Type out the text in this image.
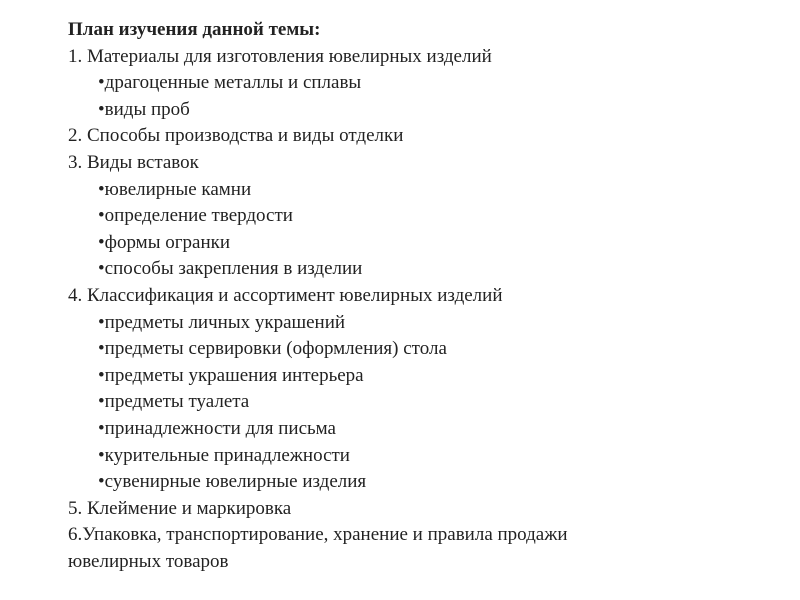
План изучения данной темы:
1. Материалы для изготовления ювелирных изделий
•драгоценные металлы и сплавы
•виды проб
2. Способы производства и виды отделки
3. Виды вставок
•ювелирные камни
•определение твердости
•формы огранки
•способы закрепления в изделии
4. Классификация и ассортимент ювелирных изделий
•предметы личных украшений
•предметы сервировки (оформления) стола
•предметы украшения интерьера
•предметы туалета
•принадлежности для письма
•курительные принадлежности
•сувенирные ювелирные изделия
5. Клеймение и маркировка
6.Упаковка, транспортирование, хранение и правила продажи
ювелирных товаров
